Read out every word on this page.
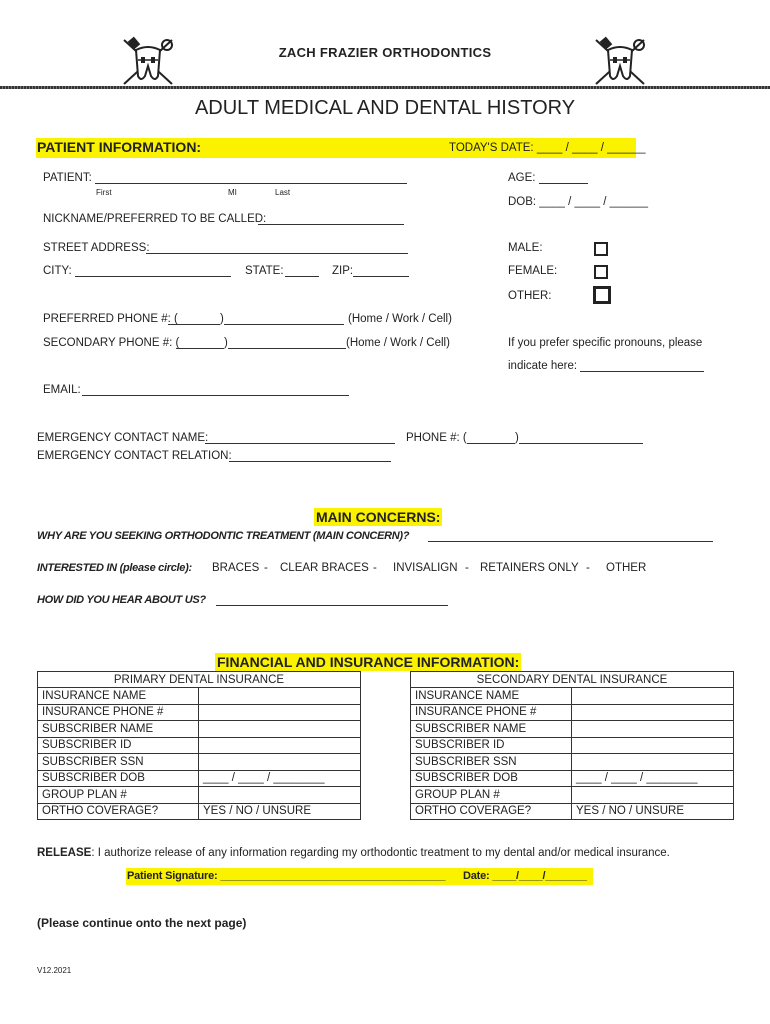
ZACH FRAZIER ORTHODONTICS
ADULT MEDICAL AND DENTAL HISTORY
PATIENT INFORMATION:	TODAY'S DATE: ____ / ____ / ______
PATIENT:
First	MI	Last
AGE:
DOB: ____ / ____ / ______
NICKNAME/PREFERRED TO BE CALLED:
STREET ADDRESS:
CITY:	STATE:	ZIP:
MALE:
FEMALE:
OTHER:
PREFERRED PHONE #: (	)	(Home / Work / Cell)
SECONDARY PHONE #: (	)	(Home / Work / Cell)	If you prefer specific pronouns, please
indicate here:
EMAIL:
EMERGENCY CONTACT NAME:	PHONE #: (	)
EMERGENCY CONTACT RELATION:
MAIN CONCERNS:
WHY ARE YOU SEEKING ORTHODONTIC TREATMENT (MAIN CONCERN)?
INTERESTED IN (please circle): BRACES - CLEAR BRACES - INVISALIGN - RETAINERS ONLY - OTHER
HOW DID YOU HEAR ABOUT US?
FINANCIAL AND INSURANCE INFORMATION:
PRIMARY DENTAL INSURANCE	
INSURANCE NAME	
INSURANCE PHONE #	
SUBSCRIBER NAME	
SUBSCRIBER ID	
SUBSCRIBER SSN	
SUBSCRIBER DOB	____ / ____ / ________
GROUP PLAN #	
ORTHO COVERAGE?	YES / NO / UNSURE
SECONDARY DENTAL INSURANCE	
INSURANCE NAME	
INSURANCE PHONE #	
SUBSCRIBER NAME	
SUBSCRIBER ID	
SUBSCRIBER SSN	
SUBSCRIBER DOB	____ / ____ / ________
GROUP PLAN #	
ORTHO COVERAGE?	YES / NO / UNSURE
RELEASE: I authorize release of any information regarding my orthodontic treatment to my dental and/or medical insurance.
Patient Signature: ______________________________________ Date: ____/____/_______
(Please continue onto the next page)
V12.2021
